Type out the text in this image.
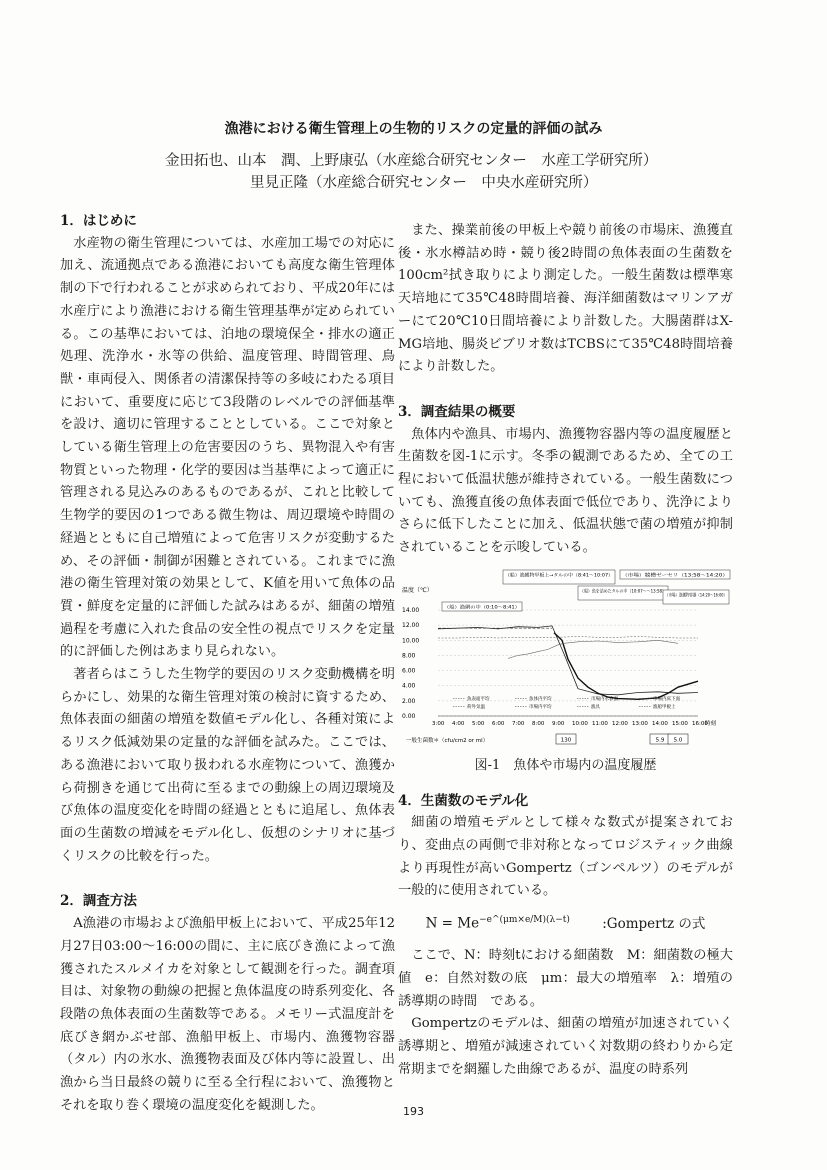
漁港における衛生管理上の生物的リスクの定量的評価の試み
金田拓也、山本　潤、上野康弘（水産総合研究センター　水産工学研究所）
里見正隆（水産総合研究センター　中央水産研究所）
1．はじめに

水産物の衛生管理については、水産加工場での対応に加え、流通拠点である漁港においても高度な衛生管理体制の下で行われることが求められており、平成20年には水産庁により漁港における衛生管理基準が定められている。この基準においては、泊地の環境保全・排水の適正処理、洗浄水・氷等の供給、温度管理、時間管理、鳥獣・車両侵入、関係者の清潔保持等の多岐にわたる項目において、重要度に応じて3段階のレベルでの評価基準を設け、適切に管理することとしている。ここで対象としている衛生管理上の危害要因のうち、異物混入や有害物質といった物理・化学的要因は当基準によって適正に管理される見込みのあるものであるが、これと比較して生物学的要因の1つである微生物は、周辺環境や時間の経過とともに自己増殖によって危害リスクが変動するため、その評価・制御が困難とされている。これまでに漁港の衛生管理対策の効果として、K値を用いて魚体の品質・鮮度を定量的に評価した試みはあるが、細菌の増殖過程を考慮に入れた食品の安全性の視点でリスクを定量的に評価した例はあまり見られない。

著者らはこうした生物学的要因のリスク変動機構を明らかにし、効果的な衛生管理対策の検討に資するため、魚体表面の細菌の増殖を数値モデル化し、各種対策によるリスク低減効果の定量的な評価を試みた。ここでは、ある漁港において取り扱われる水産物について、漁獲から荷捌きを通じて出荷に至るまでの動線上の周辺環境及び魚体の温度変化を時間の経過とともに追尾し、魚体表面の生菌数の増減をモデル化し、仮想のシナリオに基づくリスクの比較を行った。

2．調査方法

A漁港の市場および漁船甲板上において、平成25年12月27日03:00～16:00の間に、主に底びき漁によって漁獲されたスルメイカを対象として観測を行った。調査項目は、対象物の動線の把握と魚体温度の時系列変化、各段階の魚体表面の生菌数等である。メモリー式温度計を底びき網かぶせ部、漁船甲板上、市場内、漁獲物容器（タル）内の氷水、漁獲物表面及び体内等に設置し、出漁から当日最終の競りに至る全行程において、漁獲物とそれを取り巻く環境の温度変化を観測した。

また、操業前後の甲板上や競り前後の市場床、漁獲直後・氷水樽詰め時・競り後2時間の魚体表面の生菌数を100cm²拭き取りにより測定した。一般生菌数は標準寒天培地にて35℃48時間培養、海洋細菌数はマリンアガーにて20℃10日間培養により計数した。大腸菌群はX-MG培地、腸炎ビブリオ数はTCBSにて35℃48時間培養により計数した。

3．調査結果の概要

魚体内や漁具、市場内、漁獲物容器内等の温度履歴と生菌数を図-1に示す。冬季の観測であるため、全ての工程において低温状態が維持されている。一般生菌数についても、漁獲直後の魚体表面で低位であり、洗浄によりさらに低下したことに加え、低温状態で菌の増殖が抑制されていることを示唆している。

温度（℃）
14.00
12.00
10.00
8.00
6.00
4.00
2.00
0.00
3:00 4:00 5:00 6:00 7:00 8:00 9:00 10:00 11:00 12:00 13:00 14:00 15:00 16:00
時刻
（船）漁獲物甲板上→タルの中（8:41～10:07）	（市場）競槽ゼーセリ（13:58～14:20）
（船）魚を詰めたタルの中（10:07～～13:58）
（市場）漁獲物容器（14:20～16:00）
（船）漁網の中（0:10～8:41）
魚表面平均	魚体内平均	市場内水表面	市場内床下面
荷外気温	市場内平均	漁具	漁船甲板上
一般生菌数＊（cfu/cm2 or ml）	130	5.9 5.0
図-1　魚体や市場内の温度履歴
4．生菌数のモデル化

細菌の増殖モデルとして様々な数式が提案されており、変曲点の両側で非対称となってロジスティック曲線より再現性が高いGompertz（ゴンペルツ）のモデルが一般的に使用されている。

$N = Me^{-e\^{}(\mu m\times e/M)(\lambda-t)}$ :Gompertz の式

ここで、N：時刻tにおける細菌数　M：細菌数の極大値　e：自然対数の底　μm：最大の増殖率　λ：増殖の誘導期の時間　である。

Gompertzのモデルは、細菌の増殖が加速されていく誘導期と、増殖が減速されていく対数期の終わりから定常期までを網羅した曲線であるが、温度の時系列

193
